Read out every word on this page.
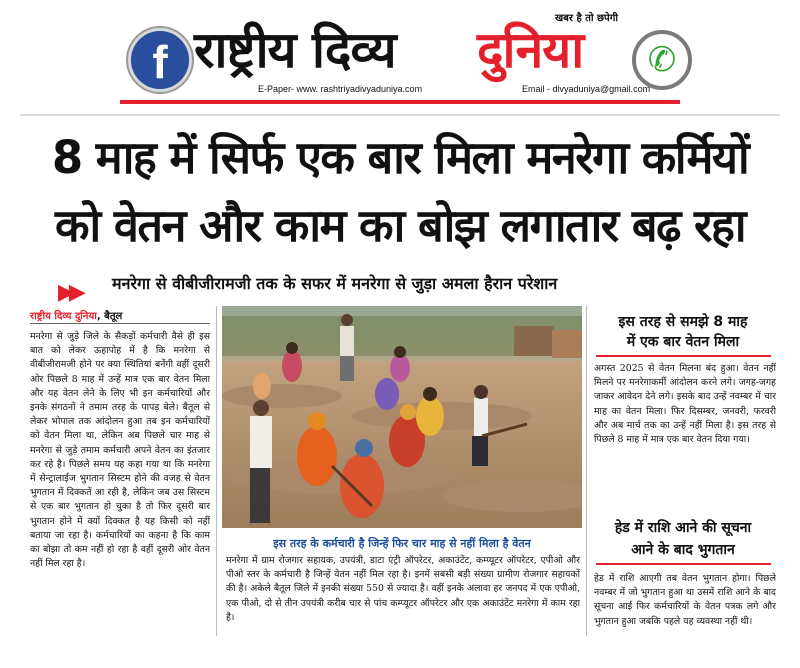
f राष्ट्रीय दिव्य दुनिया
खबर है तो छपेगी
✆
E-Paper- www. rashtriyadivyaduniya.com	Email - divyaduniya@gmail.com
8 माह में सिर्फ एक बार मिला मनरेगा कर्मियों
को वेतन और काम का बोझ लगातार बढ़ रहा
▶▶ मनरेगा से वीबीजीरामजी तक के सफर में मनरेगा से जुड़ा अमला हैरान परेशान
राष्ट्रीय दिव्य दुनिया, बैतूल
मनरेगा से जुड़े जिले के सैकड़ों कर्मचारी वैसे ही इस बात को लेकर ऊहापोह में है कि मनरेगा से वीबीजीरामजी होने पर क्या स्थितियां बनेंगी वहीं दूसरी ओर पिछले 8 माह में उन्हें मात्र एक बार वेतन मिला और यह वेतन लेने के लिए भी इन कर्मचारियों और इनके संगठनों ने तमाम तरह के पापड़ बेले। बैतूल से लेकर भोपाल तक आंदोलन हुआ तब इन कर्मचारियों को वेतन मिला था, लेकिन अब पिछले चार माह से मनरेगा से जुड़े तमाम कर्मचारी अपने वेतन का इंतजार कर रहे है। पिछले समय यह कहा गया था कि मनरेगा में सेन्ट्रालाईज भुगतान सिस्टम होने की वजह से वेतन भुगतान में दिक्कतें आ रही है, लेकिन जब उस सिस्टम से एक बार भुगतान हो चुका है तो फिर दूसरी बार भुगतान होने में क्यों दिक्कत है यह किसी को नहीं बताया जा रहा है। कर्मचारियों का कहना है कि काम का बोझा तो कम नहीं हो रहा है वहीं दूसरी ओर वेतन नहीं मिल रहा है।
इस तरह के कर्मचारी है जिन्हें फिर चार माह से नहीं मिला है वेतन
मनरेगा में ग्राम रोजगार सहायक, उपयंत्री, डाटा एंट्री ऑपरेटर, अकाउंटेंट, कम्प्यूटर ऑपरेटर, एपीओ और पीओ स्तर के कर्मचारी है जिन्हें वेतन नहीं मिल रहा है। इनमें सबसी बड़ी संख्या ग्रामीण रोजगार सहायकों की है। अकेले बैतूल जिले में इनकी संख्या 550 से ज्यादा है। वहीं इनके अलावा हर जनपद में एक एपीओ, एक पीओ, दो से तीन उपयंत्री करीब चार से पांच कम्प्यूटर ऑपरेटर और एक अकाउंटेंट मनरेगा में काम रहा है।
इस तरह से समझे 8 माह
में एक बार वेतन मिला
अगस्त 2025 से वेतन मिलना बंद हुआ। वेतन नहीं मिलने पर मनरेगाकर्मी आंदोलन करने लगे। जगह-जगह जाकर आवेदन देने लगे। इसके बाद उन्हें नवम्बर में चार माह का वेतन मिला। फिर दिसम्बर, जनवरी, फरवरी और अब मार्च तक का उन्हें नहीं मिला है। इस तरह से पिछले 8 माह में मात्र एक बार वेतन दिया गया।
हेड में राशि आने की सूचना
आने के बाद भुगतान
हेड में राशि आएगी तब वेतन भुगतान होगा। पिछले नवम्बर में जो भुगतान हुआ था उसमें राशि आने के बाद सूचना आई फिर कर्मचारियों के वेतन पत्रक लगे और भुगतान हुआ जबकि पहले यह व्यवस्था नहीं थी।
